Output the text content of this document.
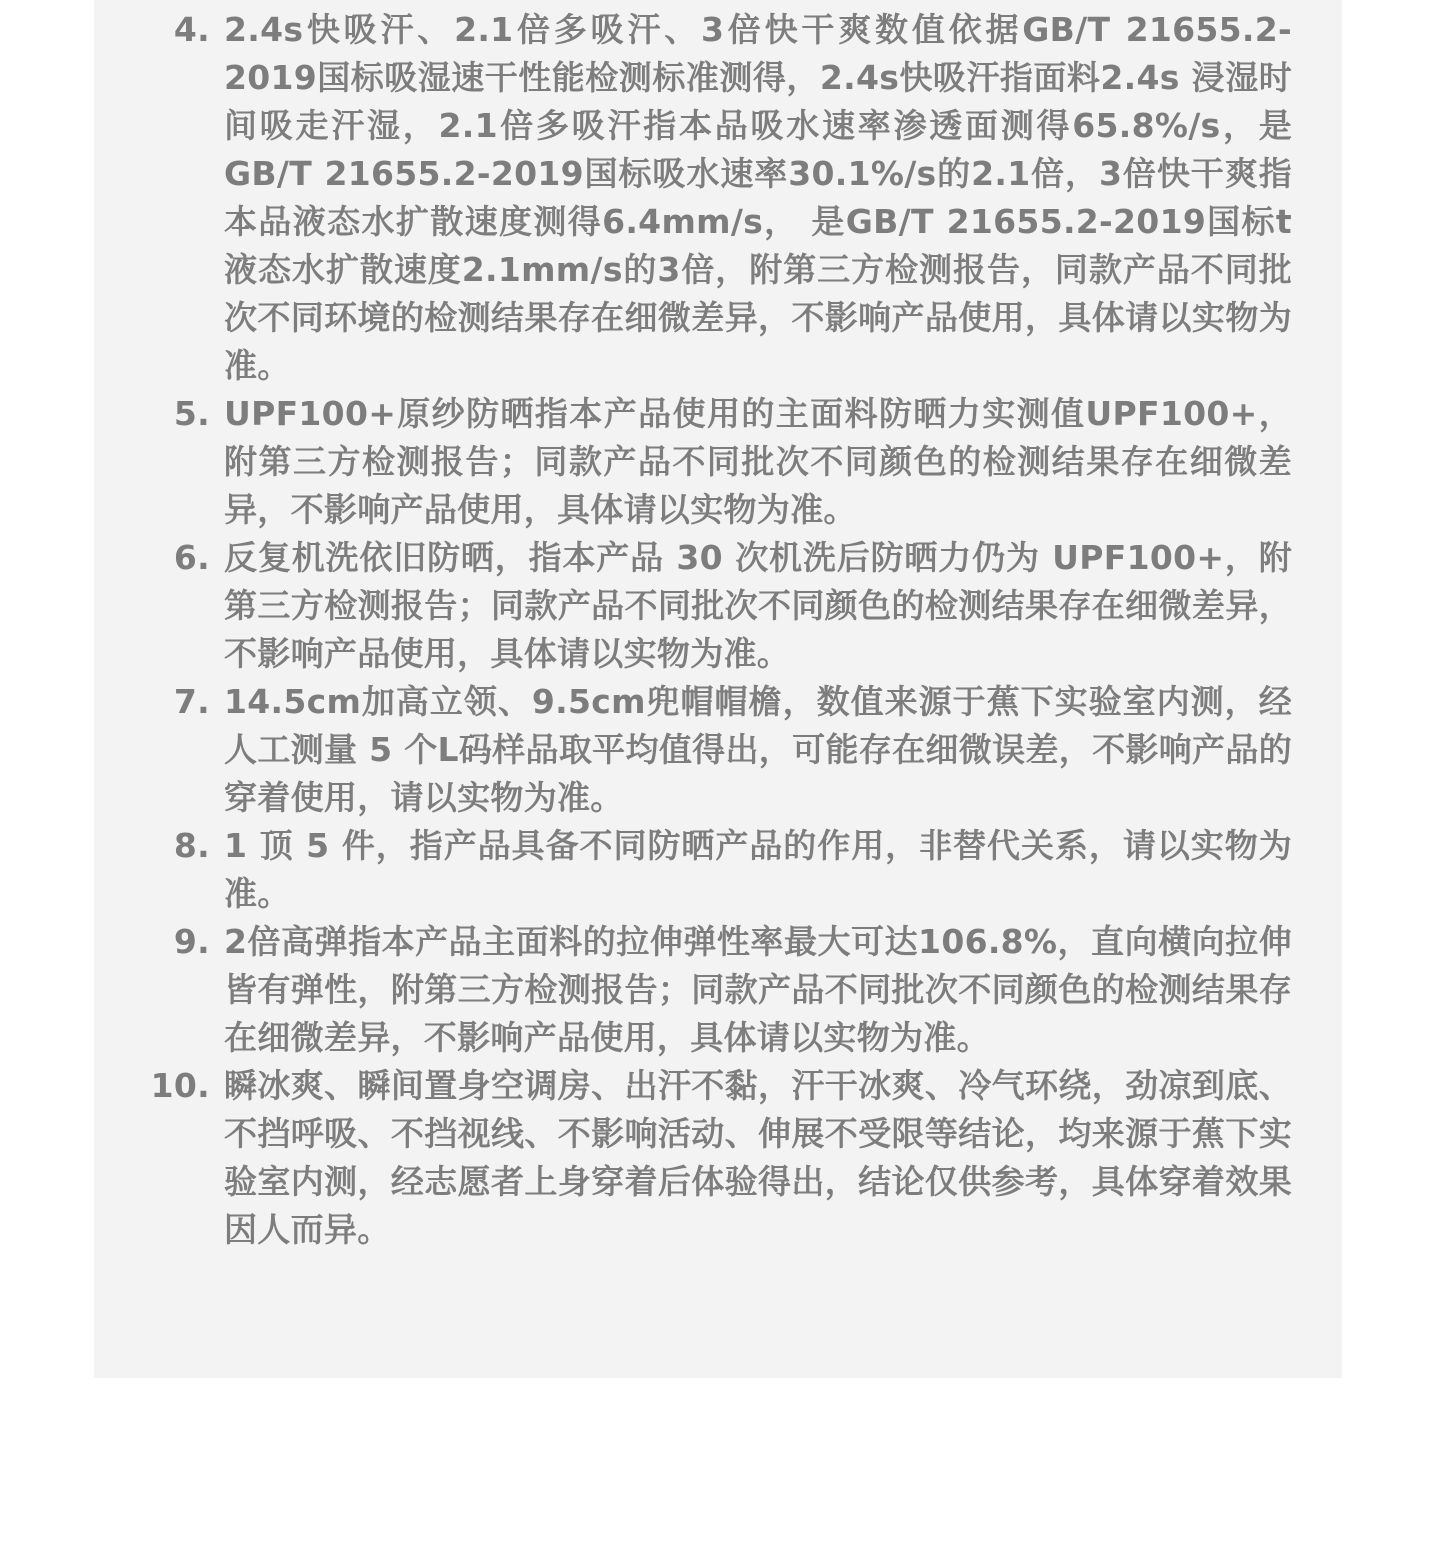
4. 2.4s快吸汗、2.1倍多吸汗、3倍快干爽数值依据GB/T 21655.2-2019国标吸湿速干性能检测标准测得，2.4s快吸汗指面料2.4s 浸湿时间吸走汗湿，2.1倍多吸汗指本品吸水速率渗透面测得65.8%/s，是GB/T 21655.2-2019国标吸水速率30.1%/s的2.1倍，3倍快干爽指本品液态水扩散速度测得6.4mm/s， 是GB/T 21655.2-2019国标t液态水扩散速度2.1mm/s的3倍，附第三方检测报告，同款产品不同批次不同环境的检测结果存在细微差异，不影响产品使用，具体请以实物为准。
5. UPF100+原纱防晒指本产品使用的主面料防晒力实测值UPF100+，附第三方检测报告；同款产品不同批次不同颜色的检测结果存在细微差异，不影响产品使用，具体请以实物为准。
6. 反复机洗依旧防晒，指本产品 30 次机洗后防晒力仍为 UPF100+，附第三方检测报告；同款产品不同批次不同颜色的检测结果存在细微差异，不影响产品使用，具体请以实物为准。
7. 14.5cm加高立领、9.5cm兜帽帽檐，数值来源于蕉下实验室内测，经人工测量 5 个L码样品取平均值得出，可能存在细微误差，不影响产品的穿着使用，请以实物为准。
8. 1 顶 5 件，指产品具备不同防晒产品的作用，非替代关系，请以实物为准。
9. 2倍高弹指本产品主面料的拉伸弹性率最大可达106.8%，直向横向拉伸皆有弹性，附第三方检测报告；同款产品不同批次不同颜色的检测结果存在细微差异，不影响产品使用，具体请以实物为准。
10. 瞬冰爽、瞬间置身空调房、出汗不黏，汗干冰爽、冷气环绕，劲凉到底、不挡呼吸、不挡视线、不影响活动、伸展不受限等结论，均来源于蕉下实验室内测，经志愿者上身穿着后体验得出，结论仅供参考，具体穿着效果因人而异。
